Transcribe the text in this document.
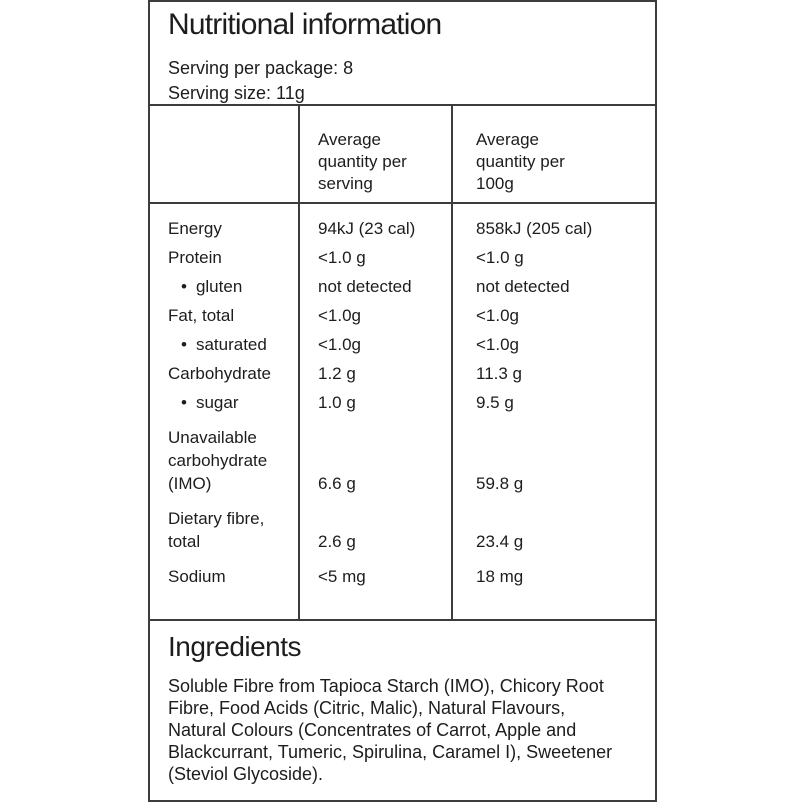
Nutritional information
Serving per package: 8
Serving size: 11g
Average quantity per serving
Average quantity per 100g
Energy	94kJ (23 cal)	858kJ (205 cal)
Protein	<1.0 g	<1.0 g
• gluten	not detected	not detected
Fat, total	<1.0g	<1.0g
• saturated	<1.0g	<1.0g
Carbohydrate	1.2 g	11.3 g
• sugar	1.0 g	9.5 g
Unavailable carbohydrate (IMO)	6.6 g	59.8 g
Dietary fibre, total	2.6 g	23.4 g
Sodium	<5 mg	18 mg
Ingredients

Soluble Fibre from Tapioca Starch (IMO), Chicory Root Fibre, Food Acids (Citric, Malic), Natural Flavours, Natural Colours (Concentrates of Carrot, Apple and Blackcurrant, Tumeric, Spirulina, Caramel I), Sweetener (Steviol Glycoside).
